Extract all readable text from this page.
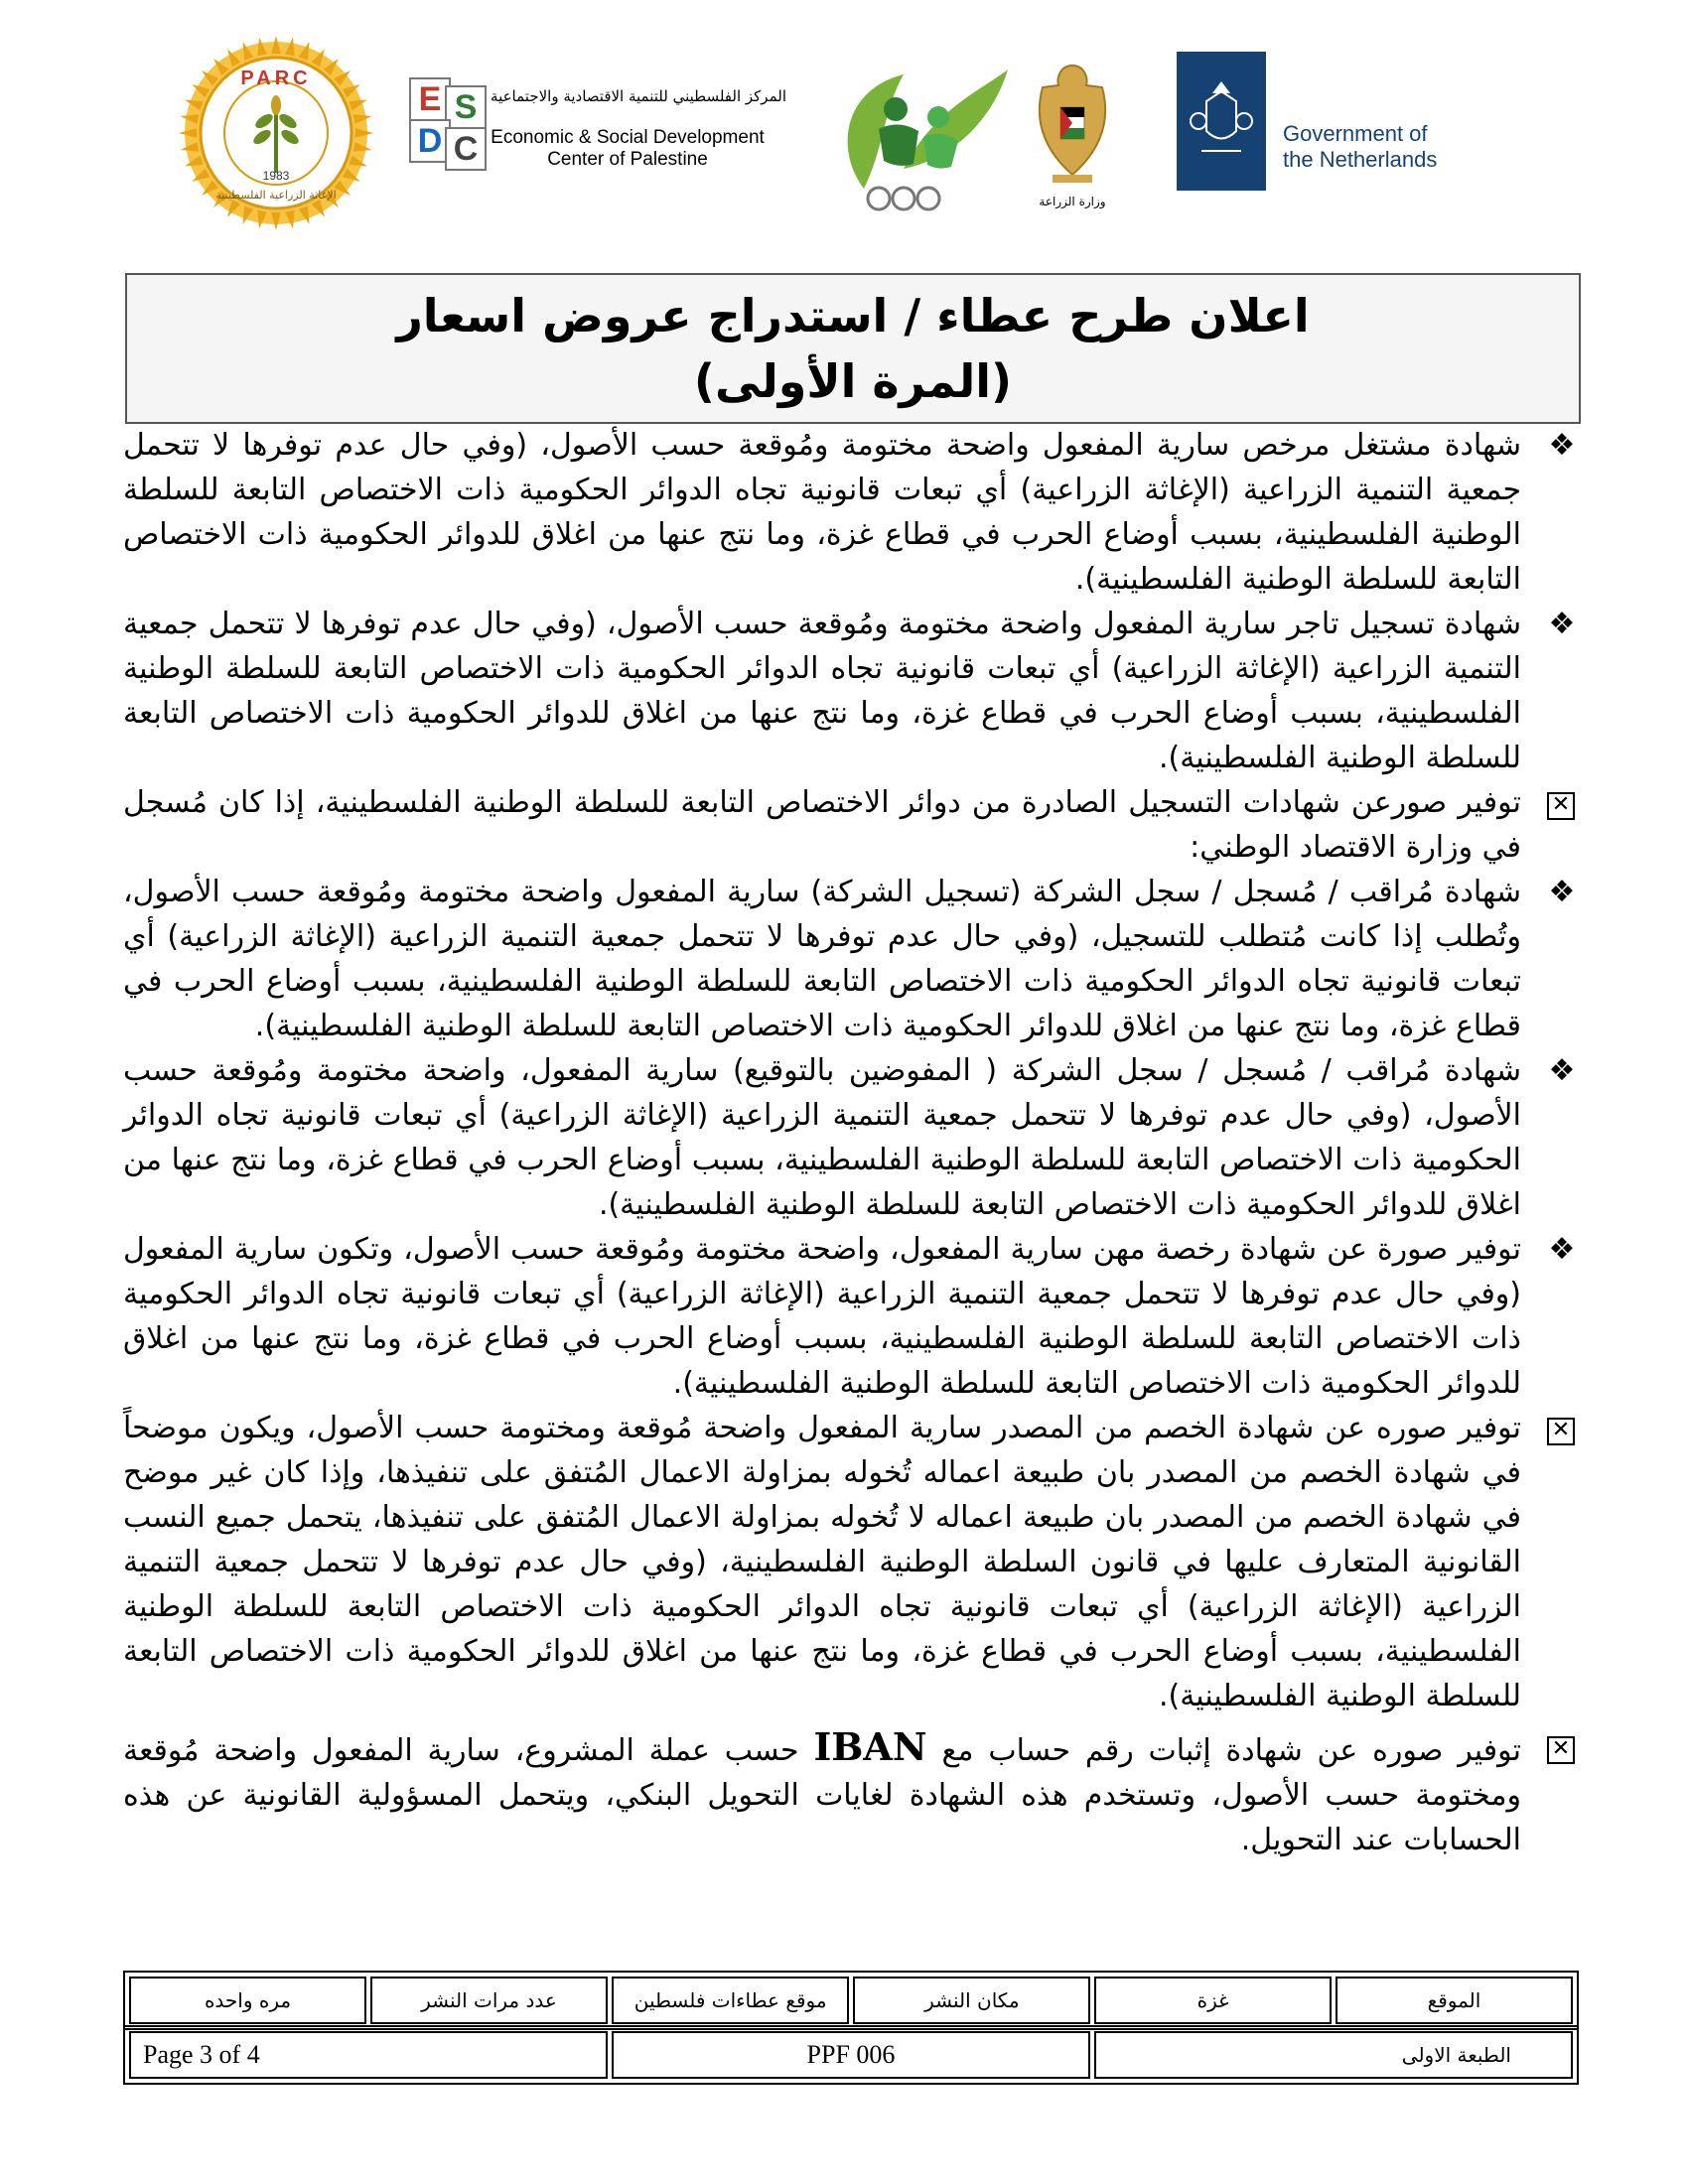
PARC
1983
الإغاثة الزراعية الفلسطينية
E S
D C
المركز الفلسطيني للتنمية الاقتصادية والاجتماعية
Economic & Social Development
Center of Palestine
وزارة الزراعة
Government of
the Netherlands
اعلان طرح عطاء / استدراج عروض اسعار
(المرة الأولى)
❖
شهادة مشتغل مرخص سارية المفعول واضحة مختومة ومُوقعة حسب الأصول، (وفي حال عدم توفرها لا تتحمل جمعية التنمية الزراعية (الإغاثة الزراعية) أي تبعات قانونية تجاه الدوائر الحكومية ذات الاختصاص التابعة للسلطة الوطنية الفلسطينية، بسبب أوضاع الحرب في قطاع غزة، وما نتج عنها من اغلاق للدوائر الحكومية ذات الاختصاص التابعة للسلطة الوطنية الفلسطينية).
❖
شهادة تسجيل تاجر سارية المفعول واضحة مختومة ومُوقعة حسب الأصول، (وفي حال عدم توفرها لا تتحمل جمعية التنمية الزراعية (الإغاثة الزراعية) أي تبعات قانونية تجاه الدوائر الحكومية ذات الاختصاص التابعة للسلطة الوطنية الفلسطينية، بسبب أوضاع الحرب في قطاع غزة، وما نتج عنها من اغلاق للدوائر الحكومية ذات الاختصاص التابعة للسلطة الوطنية الفلسطينية).
✕
توفير صورعن شهادات التسجيل الصادرة من دوائر الاختصاص التابعة للسلطة الوطنية الفلسطينية، إذا كان مُسجل في وزارة الاقتصاد الوطني:
❖
شهادة مُراقب / مُسجل / سجل الشركة (تسجيل الشركة) سارية المفعول واضحة مختومة ومُوقعة حسب الأصول، وتُطلب إذا كانت مُتطلب للتسجيل، (وفي حال عدم توفرها لا تتحمل جمعية التنمية الزراعية (الإغاثة الزراعية) أي تبعات قانونية تجاه الدوائر الحكومية ذات الاختصاص التابعة للسلطة الوطنية الفلسطينية، بسبب أوضاع الحرب في قطاع غزة، وما نتج عنها من اغلاق للدوائر الحكومية ذات الاختصاص التابعة للسلطة الوطنية الفلسطينية).
❖
شهادة مُراقب / مُسجل / سجل الشركة ( المفوضين بالتوقيع) سارية المفعول، واضحة مختومة ومُوقعة حسب الأصول، (وفي حال عدم توفرها لا تتحمل جمعية التنمية الزراعية (الإغاثة الزراعية) أي تبعات قانونية تجاه الدوائر الحكومية ذات الاختصاص التابعة للسلطة الوطنية الفلسطينية، بسبب أوضاع الحرب في قطاع غزة، وما نتج عنها من اغلاق للدوائر الحكومية ذات الاختصاص التابعة للسلطة الوطنية الفلسطينية).
❖
توفير صورة عن شهادة رخصة مهن سارية المفعول، واضحة مختومة ومُوقعة حسب الأصول، وتكون سارية المفعول (وفي حال عدم توفرها لا تتحمل جمعية التنمية الزراعية (الإغاثة الزراعية) أي تبعات قانونية تجاه الدوائر الحكومية ذات الاختصاص التابعة للسلطة الوطنية الفلسطينية، بسبب أوضاع الحرب في قطاع غزة، وما نتج عنها من اغلاق للدوائر الحكومية ذات الاختصاص التابعة للسلطة الوطنية الفلسطينية).
✕
توفير صوره عن شهادة الخصم من المصدر سارية المفعول واضحة مُوقعة ومختومة حسب الأصول، ويكون موضحاً في شهادة الخصم من المصدر بان طبيعة اعماله تُخوله بمزاولة الاعمال المُتفق على تنفيذها، وإذا كان غير موضح في شهادة الخصم من المصدر بان طبيعة اعماله لا تُخوله بمزاولة الاعمال المُتفق على تنفيذها، يتحمل جميع النسب القانونية المتعارف عليها في قانون السلطة الوطنية الفلسطينية، (وفي حال عدم توفرها لا تتحمل جمعية التنمية الزراعية (الإغاثة الزراعية) أي تبعات قانونية تجاه الدوائر الحكومية ذات الاختصاص التابعة للسلطة الوطنية الفلسطينية، بسبب أوضاع الحرب في قطاع غزة، وما نتج عنها من اغلاق للدوائر الحكومية ذات الاختصاص التابعة للسلطة الوطنية الفلسطينية).
✕
توفير صوره عن شهادة إثبات رقم حساب مع IBAN حسب عملة المشروع، سارية المفعول واضحة مُوقعة ومختومة حسب الأصول، وتستخدم هذه الشهادة لغايات التحويل البنكي، ويتحمل المسؤولية القانونية عن هذه الحسابات عند التحويل.
الموقع	غزة	مكان النشر	موقع عطاءات فلسطين	عدد مرات النشر	مره واحده
الطبعة الاولى	PPF 006	Page 3 of 4
